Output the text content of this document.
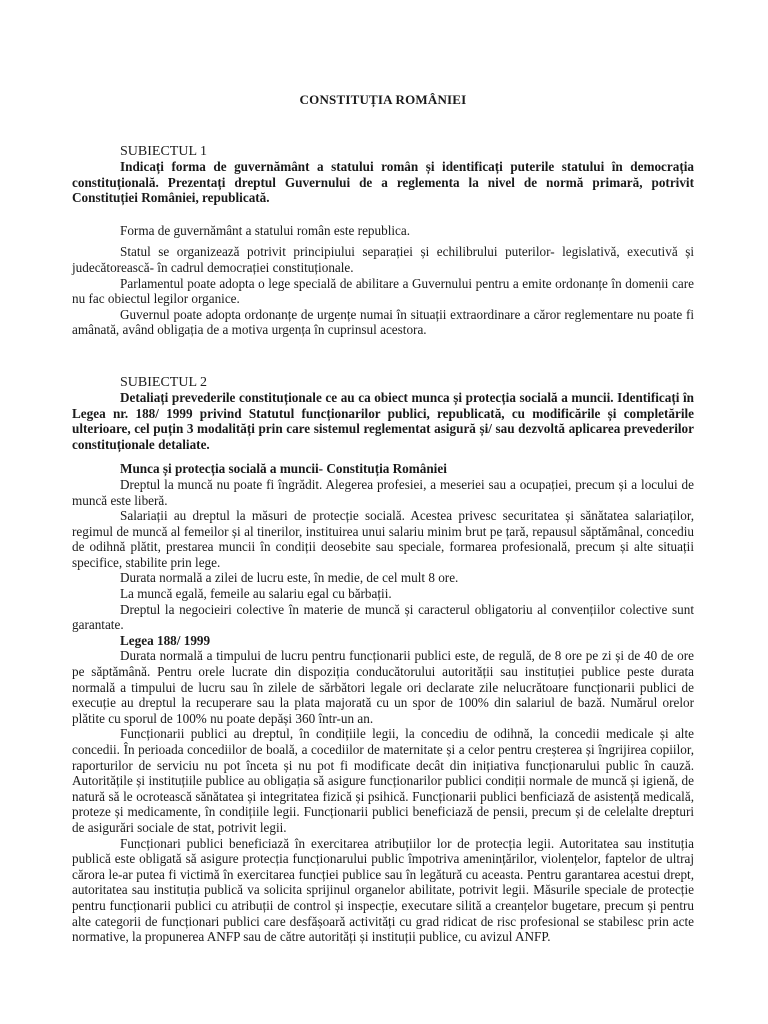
CONSTITUȚIA ROMÂNIEI

SUBIECTUL 1

Indicați forma de guvernământ a statului român și identificați puterile statului în democrația constituțională. Prezentați dreptul Guvernului de a reglementa la nivel de normă primară, potrivit Constituției României, republicată.

Forma de guvernământ a statului român este republica.

Statul se organizează potrivit principiului separației și echilibrului puterilor- legislativă, executivă și judecătorească- în cadrul democrației constituționale.

Parlamentul poate adopta o lege specială de abilitare a Guvernului pentru a emite ordonanțe în domenii care nu fac obiectul legilor organice.

Guvernul poate adopta ordonanțe de urgențe numai în situații extraordinare a căror reglementare nu poate fi amânată, având obligația de a motiva urgența în cuprinsul acestora.

SUBIECTUL 2

Detaliați prevederile constituționale ce au ca obiect munca și protecția socială a muncii. Identificați în Legea nr. 188/ 1999 privind Statutul funcționarilor publici, republicată, cu modificările și completările ulterioare, cel puțin 3 modalități prin care sistemul reglementat asigură și/ sau dezvoltă aplicarea prevederilor constituționale detaliate.

Munca și protecția socială a muncii- Constituția României

Dreptul la muncă nu poate fi îngrădit. Alegerea profesiei, a meseriei sau a ocupației, precum și a locului de muncă este liberă.

Salariații au dreptul la măsuri de protecție socială. Acestea privesc securitatea și sănătatea salariaților, regimul de muncă al femeilor și al tinerilor, instituirea unui salariu minim brut pe țară, repausul săptămânal, concediu de odihnă plătit, prestarea muncii în condiții deosebite sau speciale, formarea profesională, precum și alte situații specifice, stabilite prin lege.

Durata normală a zilei de lucru este, în medie, de cel mult 8 ore.

La muncă egală, femeile au salariu egal cu bărbații.

Dreptul la negocieiri colective în materie de muncă și caracterul obligatoriu al convențiilor colective sunt garantate.

Legea 188/ 1999

Durata normală a timpului de lucru pentru funcționarii publici este, de regulă, de 8 ore pe zi și de 40 de ore pe săptămână. Pentru orele lucrate din dispoziția conducătorului autorității sau instituției publice peste durata normală a timpului de lucru sau în zilele de sărbători legale ori declarate zile nelucrătoare funcționarii publici de execuție au dreptul la recuperare sau la plata majorată cu un spor de 100% din salariul de bază. Numărul orelor plătite cu sporul de 100% nu poate depăși 360 într-un an.

Funcționarii publici au dreptul, în condițiile legii, la concediu de odihnă, la concedii medicale și alte concedii. În perioada concediilor de boală, a cocediilor de maternitate și a celor pentru creșterea și îngrijirea copiilor, raporturilor de serviciu nu pot înceta și nu pot fi modificate decât din inițiativa funcționarului public în cauză. Autoritățile și instituțiile publice au obligația să asigure funcționarilor publici condiții normale de muncă și igienă, de natură să le ocrotească sănătatea și integritatea fizică și psihică. Funcționarii publici benficiază de asistență medicală, proteze și medicamente, în condițiile legii. Funcționarii publici beneficiază de pensii, precum și de celelalte drepturi de asigurări sociale de stat, potrivit legii.

Funcționari publici beneficiază în exercitarea atribuțiilor lor de protecția legii. Autoritatea sau instituția publică este obligată să asigure protecția funcționarului public împotriva amenințărilor, violențelor, faptelor de ultraj cărora le-ar putea fi victimă în exercitarea funcției publice sau în legătură cu aceasta. Pentru garantarea acestui drept, autoritatea sau instituția publică va solicita sprijinul organelor abilitate, potrivit legii. Măsurile speciale de protecție pentru funcționarii publici cu atribuții de control și inspecție, executare silită a creanțelor bugetare, precum și pentru alte categorii de funcționari publici care desfășoară activități cu grad ridicat de risc profesional se stabilesc prin acte normative, la propunerea ANFP sau de către autorități și instituții publice, cu avizul ANFP.
